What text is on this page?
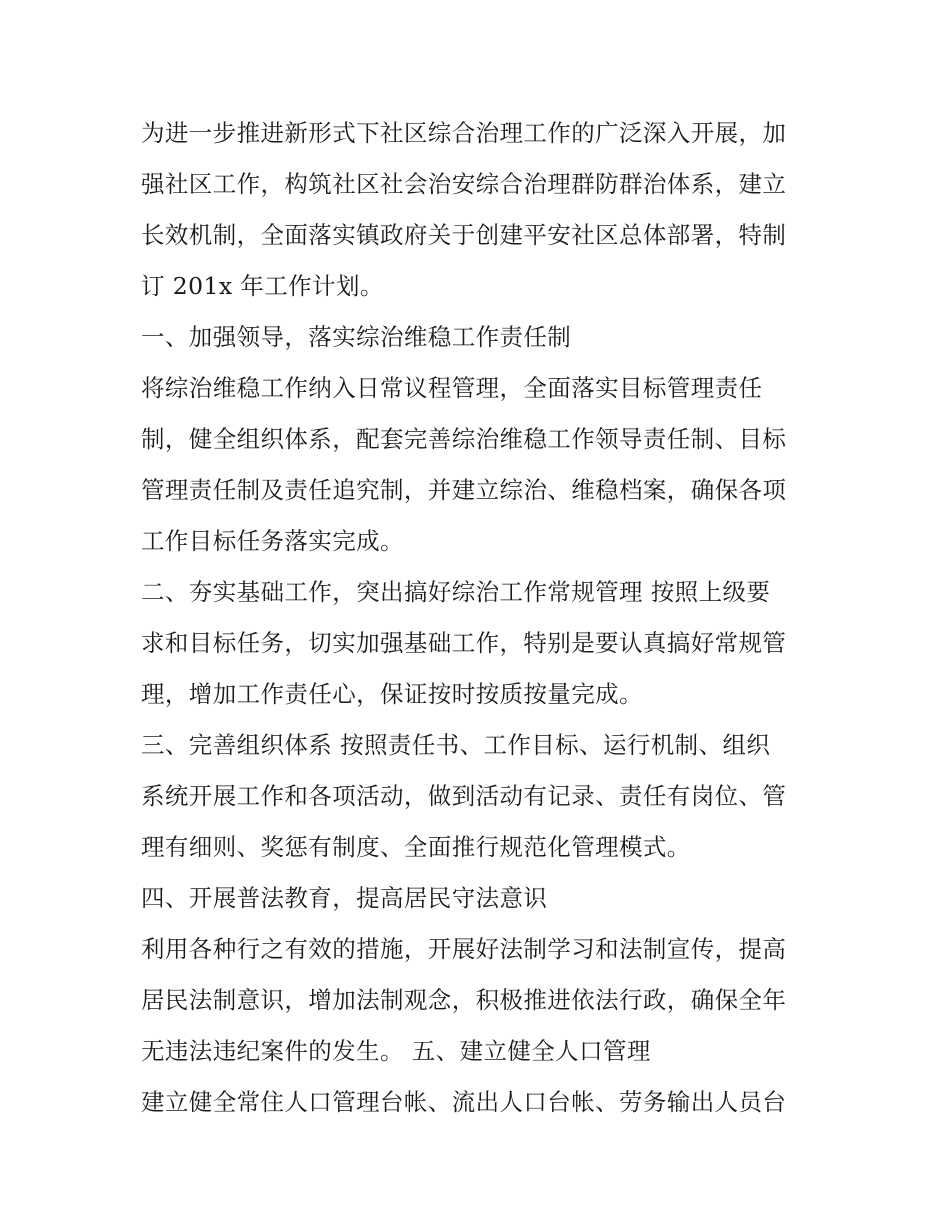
为进一步推进新形式下社区综合治理工作的广泛深入开展，加
强社区工作，构筑社区社会治安综合治理群防群治体系，建立
长效机制，全面落实镇政府关于创建平安社区总体部署，特制
订 201x 年工作计划。
一、加强领导，落实综治维稳工作责任制
将综治维稳工作纳入日常议程管理，全面落实目标管理责任
制，健全组织体系，配套完善综治维稳工作领导责任制、目标
管理责任制及责任追究制，并建立综治、维稳档案，确保各项
工作目标任务落实完成。
二、夯实基础工作，突出搞好综治工作常规管理 按照上级要
求和目标任务，切实加强基础工作，特别是要认真搞好常规管
理，增加工作责任心，保证按时按质按量完成。
三、完善组织体系 按照责任书、工作目标、运行机制、组织
系统开展工作和各项活动，做到活动有记录、责任有岗位、管
理有细则、奖惩有制度、全面推行规范化管理模式。
四、开展普法教育，提高居民守法意识
利用各种行之有效的措施，开展好法制学习和法制宣传，提高
居民法制意识，增加法制观念，积极推进依法行政，确保全年
无违法违纪案件的发生。 五、建立健全人口管理
建立健全常住人口管理台帐、流出人口台帐、劳务输出人员台
